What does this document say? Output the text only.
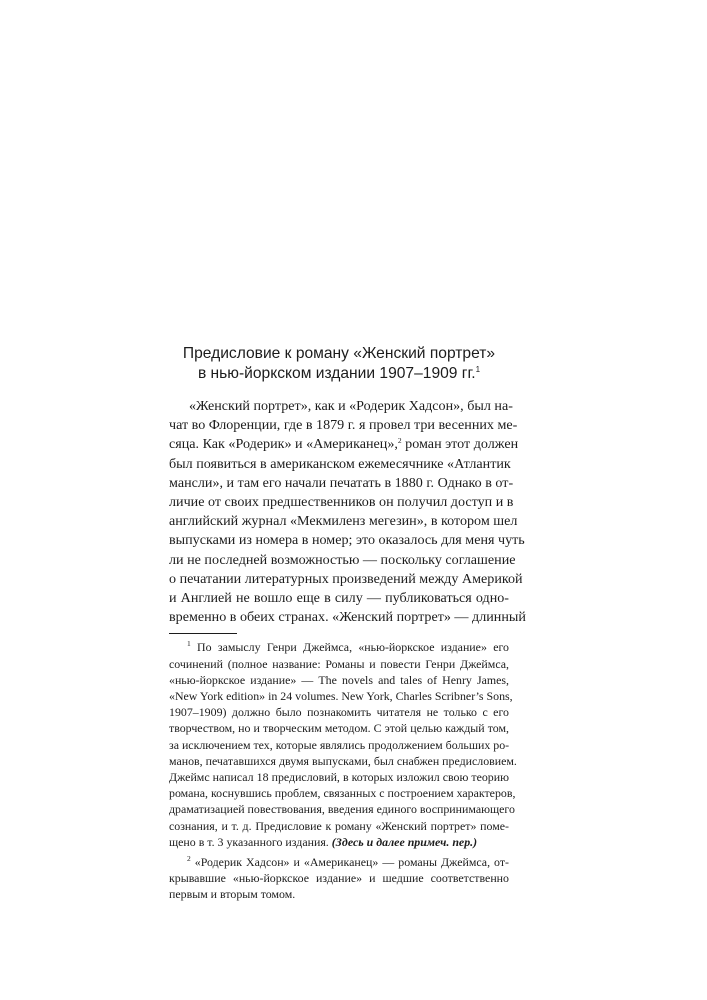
Предисловие к роману «Женский портрет»
в нью-йоркском издании 1907–1909 гг.$^1$
«Женский портрет», как и «Родерик Хадсон», был на-
чат во Флоренции, где в 1879 г. я провел три весенних ме-
сяца. Как «Родерик» и «Американец»,$^2$ роман этот должен
был появиться в американском ежемесячнике «Атлантик
мансли», и там его начали печатать в 1880 г. Однако в от-
личие от своих предшественников он получил доступ и в
английский журнал «Мекмиленз мегезин», в котором шел
выпусками из номера в номер; это оказалось для меня чуть
ли не последней возможностью — поскольку соглашение
о печатании литературных произведений между Америкой
и Англией не вошло еще в силу — публиковаться одно-
временно в обеих странах. «Женский портрет» — длинный
$^1$ По замыслу Генри Джеймса, «нью-йоркское издание» его
сочинений (полное название: Романы и повести Генри Джеймса,
«нью-йоркское издание» — The novels and tales of Henry James,
«New York edition» in 24 volumes. New York, Charles Scribner’s Sons,
1907–1909) должно было познакомить читателя не только с его
творчеством, но и творческим методом. С этой целью каждый том,
за исключением тех, которые являлись продолжением больших ро-
манов, печатавшихся двумя выпусками, был снабжен предисловием.
Джеймс написал 18 предисловий, в которых изложил свою теорию
романа, коснувшись проблем, связанных с построением характеров,
драматизацией повествования, введения единого воспринимающего
сознания, и т. д. Предисловие к роману «Женский портрет» поме-
щено в т. 3 указанного издания. (Здесь и далее примеч. пер.)
$^2$ «Родерик Хадсон» и «Американец» — романы Джеймса, от-
крывавшие «нью-йоркское издание» и шедшие соответственно
первым и вторым томом.
